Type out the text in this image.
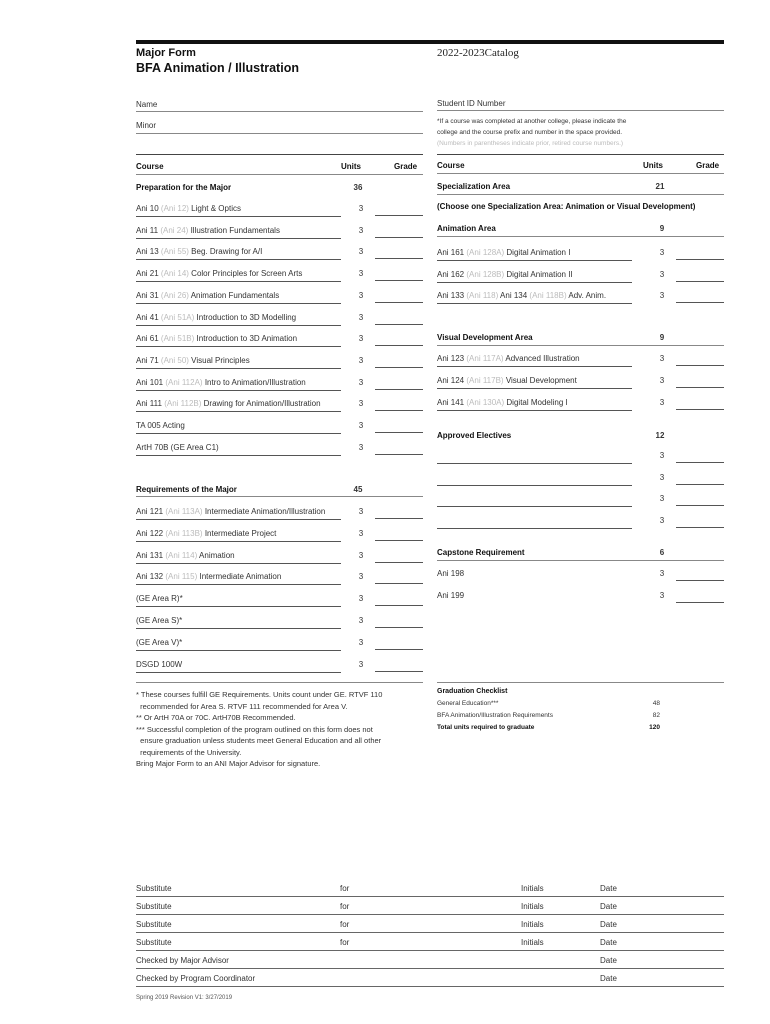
Major Form
BFA Animation / Illustration
2022-2023Catalog
Name
Minor
Student ID Number
*If a course was completed at another college, please indicate the
college and the course prefix and number in the space provided.
(Numbers in parentheses indicate prior, retired course numbers.)
Course	Units	Grade
Preparation for the Major	36
Ani 10 (Ani 12) Light & Optics	3
Ani 11 (Ani 24) Illustration Fundamentals	3
Ani 13 (Ani 55) Beg. Drawing for A/I	3
Ani 21 (Ani 14) Color Principles for Screen Arts	3
Ani 31 (Ani 26) Animation Fundamentals	3
Ani 41 (Ani 51A) Introduction to 3D Modelling	3
Ani 61 (Ani 51B) Introduction to 3D Animation	3
Ani 71 (Ani 50) Visual Principles	3
Ani 101 (Ani 112A) Intro to Animation/Illustration	3
Ani 111 (Ani 112B) Drawing for Animation/Illustration	3
TA 005 Acting	3
ArtH 70B (GE Area C1)	3
Requirements of the Major	45
Ani 121 (Ani 113A) Intermediate Animation/Illustration	3
Ani 122 (Ani 113B) Intermediate Project	3
Ani 131 (Ani 114) Animation	3
Ani 132 (Ani 115) Intermediate Animation	3
(GE Area R)*	3
(GE Area S)*	3
(GE Area V)*	3
DSGD 100W	3
Course	Units	Grade
Specialization Area	21
(Choose one Specialization Area: Animation or Visual Development)
Animation Area	9
Ani 161 (Ani 128A) Digital Animation I	3
Ani 162 (Ani 128B) Digital Animation II	3
Ani 133 (Ani 118) Ani 134 (Ani 118B) Adv. Anim.	3
Visual Development Area	9
Ani 123 (Ani 117A) Advanced Illustration	3
Ani 124 (Ani 117B) Visual Development	3
Ani 141 (Ani 130A) Digital Modeling I	3
Approved Electives	12
3
3
3
3
Capstone Requirement	6
Ani 198	3
Ani 199	3
* These courses fulfill GE Requirements. Units count under GE. RTVF 110
recommended for Area S. RTVF 111 recommended for Area V.
** Or ArtH 70A or 70C. ArtH70B Recommended.
*** Successful completion of the program outlined on this form does not
ensure graduation unless students meet General Education and all other
requirements of the University.
Bring Major Form to an ANI Major Advisor for signature.
Graduation Checklist
General Education***	48
BFA Animation/Illustration Requirements	82
Total units required to graduate	120
Substitute	for	Initials	Date
Substitute	for	Initials	Date
Substitute	for	Initials	Date
Substitute	for	Initials	Date
Checked by Major Advisor	Date
Checked by Program Coordinator	Date
Spring 2019 Revision V1: 3/27/2019
